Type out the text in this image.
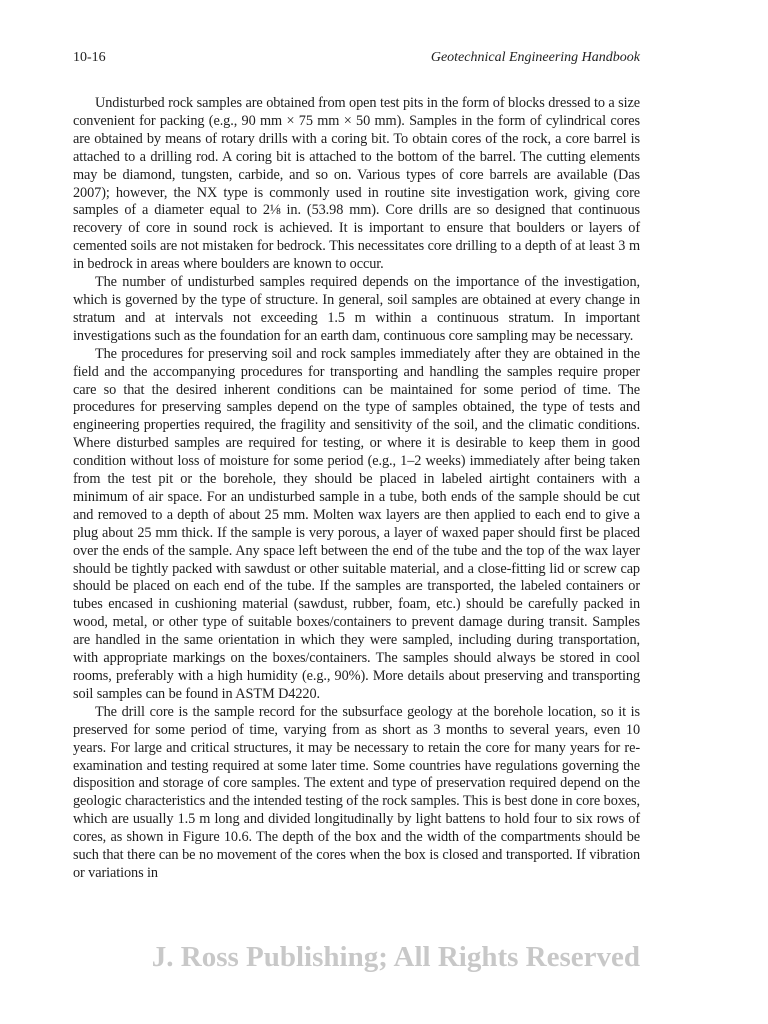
10-16	Geotechnical Engineering Handbook

Undisturbed rock samples are obtained from open test pits in the form of blocks dressed to a size convenient for packing (e.g., 90 mm × 75 mm × 50 mm). Samples in the form of cylindrical cores are obtained by means of rotary drills with a coring bit. To obtain cores of the rock, a core barrel is attached to a drilling rod. A coring bit is attached to the bottom of the barrel. The cutting elements may be diamond, tungsten, carbide, and so on. Various types of core barrels are available (Das 2007); however, the NX type is commonly used in routine site investigation work, giving core samples of a diameter equal to 2⅛ in. (53.98 mm). Core drills are so designed that continuous recovery of core in sound rock is achieved. It is important to ensure that boulders or layers of cemented soils are not mistaken for bedrock. This necessitates core drilling to a depth of at least 3 m in bedrock in areas where boulders are known to occur.

The number of undisturbed samples required depends on the importance of the investigation, which is governed by the type of structure. In general, soil samples are obtained at every change in stratum and at intervals not exceeding 1.5 m within a continuous stratum. In important investigations such as the foundation for an earth dam, continuous core sampling may be necessary.

The procedures for preserving soil and rock samples immediately after they are obtained in the field and the accompanying procedures for transporting and handling the samples require proper care so that the desired inherent conditions can be maintained for some period of time. The procedures for preserving samples depend on the type of samples obtained, the type of tests and engineering properties required, the fragility and sensitivity of the soil, and the climatic conditions. Where disturbed samples are required for testing, or where it is desirable to keep them in good condition without loss of moisture for some period (e.g., 1–2 weeks) immediately after being taken from the test pit or the borehole, they should be placed in labeled airtight containers with a minimum of air space. For an undisturbed sample in a tube, both ends of the sample should be cut and removed to a depth of about 25 mm. Molten wax layers are then applied to each end to give a plug about 25 mm thick. If the sample is very porous, a layer of waxed paper should first be placed over the ends of the sample. Any space left between the end of the tube and the top of the wax layer should be tightly packed with sawdust or other suitable material, and a close-fitting lid or screw cap should be placed on each end of the tube. If the samples are transported, the labeled containers or tubes encased in cushioning material (sawdust, rubber, foam, etc.) should be carefully packed in wood, metal, or other type of suitable boxes/containers to prevent damage during transit. Samples are handled in the same orientation in which they were sampled, including during transportation, with appropriate markings on the boxes/containers. The samples should always be stored in cool rooms, preferably with a high humidity (e.g., 90%). More details about preserving and transporting soil samples can be found in ASTM D4220.

The drill core is the sample record for the subsurface geology at the borehole location, so it is preserved for some period of time, varying from as short as 3 months to several years, even 10 years. For large and critical structures, it may be necessary to retain the core for many years for re-examination and testing required at some later time. Some countries have regulations governing the disposition and storage of core samples. The extent and type of preservation required depend on the geologic characteristics and the intended testing of the rock samples. This is best done in core boxes, which are usually 1.5 m long and divided longitudinally by light battens to hold four to six rows of cores, as shown in Figure 10.6. The depth of the box and the width of the compartments should be such that there can be no movement of the cores when the box is closed and transported. If vibration or variations in

J. Ross Publishing; All Rights Reserved
